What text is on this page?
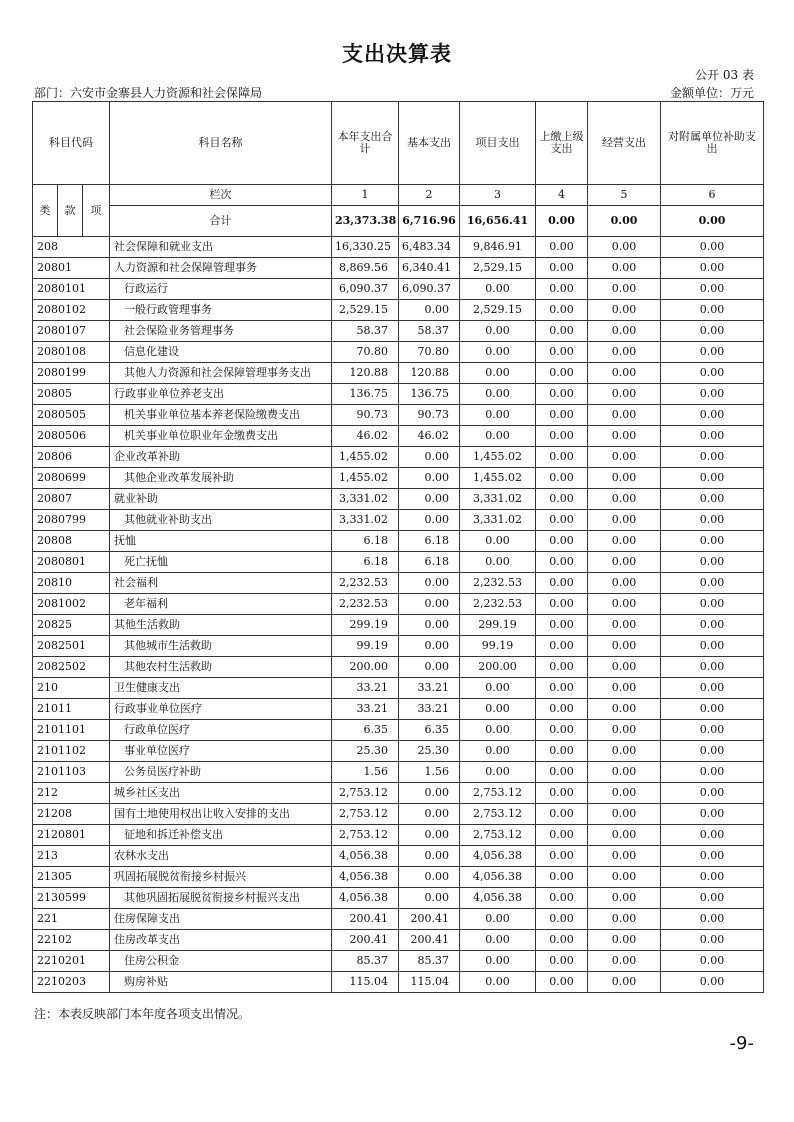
支出决算表
公开 03 表
部门：六安市金寨县人力资源和社会保障局	金额单位：万元
科目代码			科目名称	本年支出合计	基本支出	项目支出	上缴上级支出	经营支出	对附属单位补助支出
类	款	项	栏次	1	2	3	4	5	6
			合计	23,373.38	6,716.96	16,656.41	0.00	0.00	0.00
208			社会保障和就业支出	16,330.25	6,483.34	9,846.91	0.00	0.00	0.00
20801			人力资源和社会保障管理事务	8,869.56	6,340.41	2,529.15	0.00	0.00	0.00
2080101			行政运行	6,090.37	6,090.37	0.00	0.00	0.00	0.00
2080102			一般行政管理事务	2,529.15	0.00	2,529.15	0.00	0.00	0.00
2080107			社会保险业务管理事务	58.37	58.37	0.00	0.00	0.00	0.00
2080108			信息化建设	70.80	70.80	0.00	0.00	0.00	0.00
2080199			其他人力资源和社会保障管理事务支出	120.88	120.88	0.00	0.00	0.00	0.00
20805			行政事业单位养老支出	136.75	136.75	0.00	0.00	0.00	0.00
2080505			机关事业单位基本养老保险缴费支出	90.73	90.73	0.00	0.00	0.00	0.00
2080506			机关事业单位职业年金缴费支出	46.02	46.02	0.00	0.00	0.00	0.00
20806			企业改革补助	1,455.02	0.00	1,455.02	0.00	0.00	0.00
2080699			其他企业改革发展补助	1,455.02	0.00	1,455.02	0.00	0.00	0.00
20807			就业补助	3,331.02	0.00	3,331.02	0.00	0.00	0.00
2080799			其他就业补助支出	3,331.02	0.00	3,331.02	0.00	0.00	0.00
20808			抚恤	6.18	6.18	0.00	0.00	0.00	0.00
2080801			死亡抚恤	6.18	6.18	0.00	0.00	0.00	0.00
20810			社会福利	2,232.53	0.00	2,232.53	0.00	0.00	0.00
2081002			老年福利	2,232.53	0.00	2,232.53	0.00	0.00	0.00
20825			其他生活救助	299.19	0.00	299.19	0.00	0.00	0.00
2082501			其他城市生活救助	99.19	0.00	99.19	0.00	0.00	0.00
2082502			其他农村生活救助	200.00	0.00	200.00	0.00	0.00	0.00
210			卫生健康支出	33.21	33.21	0.00	0.00	0.00	0.00
21011			行政事业单位医疗	33.21	33.21	0.00	0.00	0.00	0.00
2101101			行政单位医疗	6.35	6.35	0.00	0.00	0.00	0.00
2101102			事业单位医疗	25.30	25.30	0.00	0.00	0.00	0.00
2101103			公务员医疗补助	1.56	1.56	0.00	0.00	0.00	0.00
212			城乡社区支出	2,753.12	0.00	2,753.12	0.00	0.00	0.00
21208			国有土地使用权出让收入安排的支出	2,753.12	0.00	2,753.12	0.00	0.00	0.00
2120801			征地和拆迁补偿支出	2,753.12	0.00	2,753.12	0.00	0.00	0.00
213			农林水支出	4,056.38	0.00	4,056.38	0.00	0.00	0.00
21305			巩固拓展脱贫衔接乡村振兴	4,056.38	0.00	4,056.38	0.00	0.00	0.00
2130599			其他巩固拓展脱贫衔接乡村振兴支出	4,056.38	0.00	4,056.38	0.00	0.00	0.00
221			住房保障支出	200.41	200.41	0.00	0.00	0.00	0.00
22102			住房改革支出	200.41	200.41	0.00	0.00	0.00	0.00
2210201			住房公积金	85.37	85.37	0.00	0.00	0.00	0.00
2210203			购房补贴	115.04	115.04	0.00	0.00	0.00	0.00
注：本表反映部门本年度各项支出情况。
-9-
